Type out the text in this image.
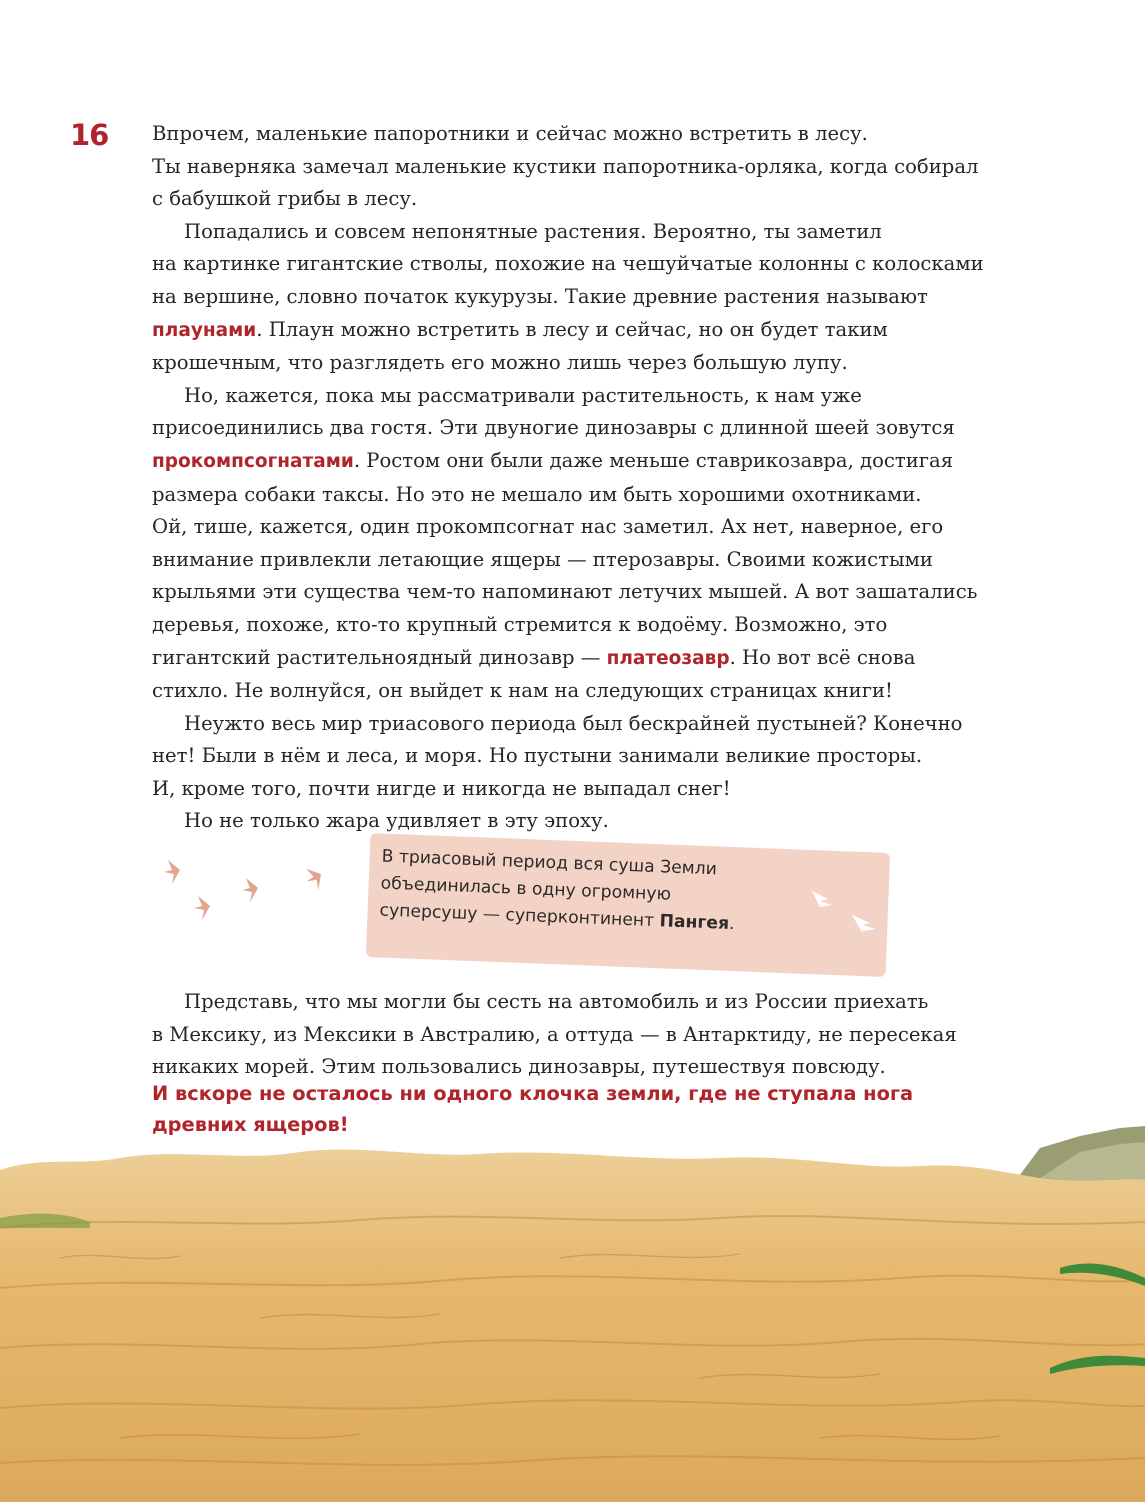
16 Впрочем, маленькие папоротники и сейчас можно встретить в лесу.
Ты наверняка замечал маленькие кустики папоротника-орляка, когда собирал
с бабушкой грибы в лесу.

Попадались и совсем непонятные растения. Вероятно, ты заметил
на картинке гигантские стволы, похожие на чешуйчатые колонны с колосками
на вершине, словно початок кукурузы. Такие древние растения называют
плаунами. Плаун можно встретить в лесу и сейчас, но он будет таким
крошечным, что разглядеть его можно лишь через большую лупу.

Но, кажется, пока мы рассматривали растительность, к нам уже
присоединились два гостя. Эти двуногие динозавры с длинной шеей зовутся
прокомпсогнатами. Ростом они были даже меньше ставрикозавра, достигая
размера собаки таксы. Но это не мешало им быть хорошими охотниками.
Ой, тише, кажется, один прокомпсогнат нас заметил. Ах нет, наверное, его
внимание привлекли летающие ящеры — птерозавры. Своими кожистыми
крыльями эти существа чем-то напоминают летучих мышей. А вот зашатались
деревья, похоже, кто-то крупный стремится к водоёму. Возможно, это
гигантский растительноядный динозавр — платеозавр. Но вот всё снова
стихло. Не волнуйся, он выйдет к нам на следующих страницах книги!

Неужто весь мир триасового периода был бескрайней пустыней? Конечно
нет! Были в нём и леса, и моря. Но пустыни занимали великие просторы.
И, кроме того, почти нигде и никогда не выпадал снег!

Но не только жара удивляет в эту эпоху.

В триасовый период вся суша Земли
объединилась в одну огромную
суперсушу — суперконтинент Пангея.

Представь, что мы могли бы сесть на автомобиль и из России приехать
в Мексику, из Мексики в Австралию, а оттуда — в Антарктиду, не пересекая
никаких морей. Этим пользовались динозавры, путешествуя повсюду.

И вскоре не осталось ни одного клочка земли, где не ступала нога
древних ящеров!
